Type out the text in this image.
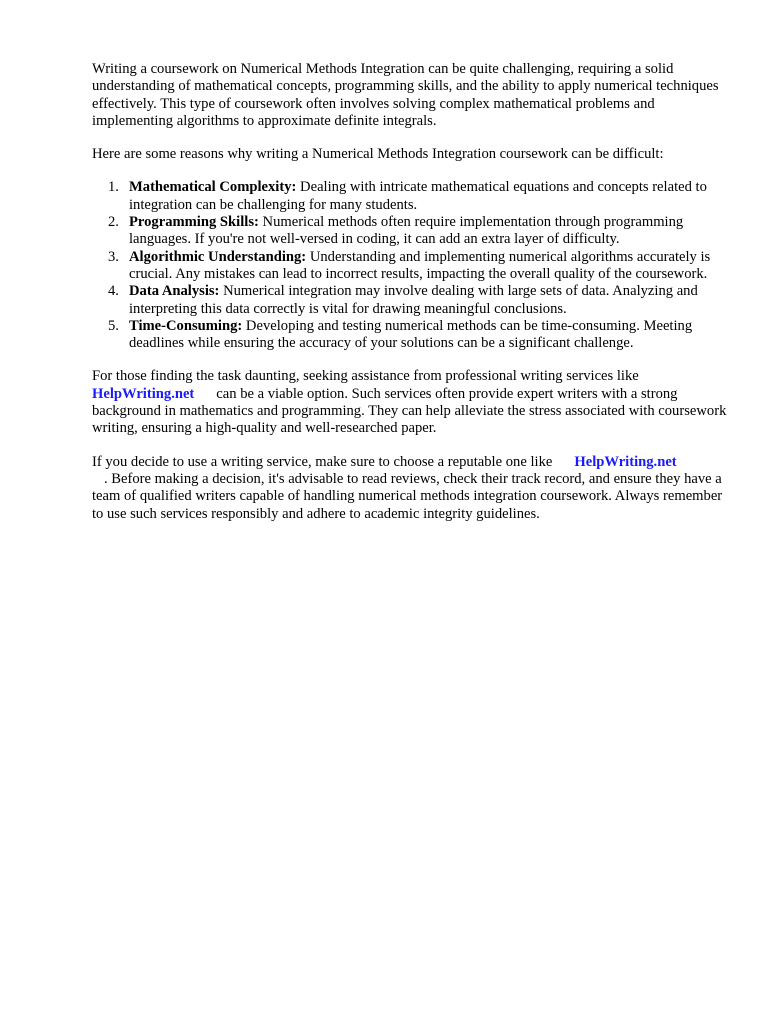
Writing a coursework on Numerical Methods Integration can be quite challenging, requiring a solid understanding of mathematical concepts, programming skills, and the ability to apply numerical techniques effectively. This type of coursework often involves solving complex mathematical problems and implementing algorithms to approximate definite integrals.

Here are some reasons why writing a Numerical Methods Integration coursework can be difficult:

1. Mathematical Complexity: Dealing with intricate mathematical equations and concepts related to integration can be challenging for many students.
2. Programming Skills: Numerical methods often require implementation through programming languages. If you're not well-versed in coding, it can add an extra layer of difficulty.
3. Algorithmic Understanding: Understanding and implementing numerical algorithms accurately is crucial. Any mistakes can lead to incorrect results, impacting the overall quality of the coursework.
4. Data Analysis: Numerical integration may involve dealing with large sets of data. Analyzing and interpreting this data correctly is vital for drawing meaningful conclusions.
5. Time-Consuming: Developing and testing numerical methods can be time-consuming. Meeting deadlines while ensuring the accuracy of your solutions can be a significant challenge.

For those finding the task daunting, seeking assistance from professional writing services like
HelpWriting.net can be a viable option. Such services often provide expert writers with a strong background in mathematics and programming. They can help alleviate the stress associated with coursework writing, ensuring a high-quality and well-researched paper.

If you decide to use a writing service, make sure to choose a reputable one like HelpWriting.net
. Before making a decision, it's advisable to read reviews, check their track record, and ensure they have a team of qualified writers capable of handling numerical methods integration coursework. Always remember to use such services responsibly and adhere to academic integrity guidelines.
